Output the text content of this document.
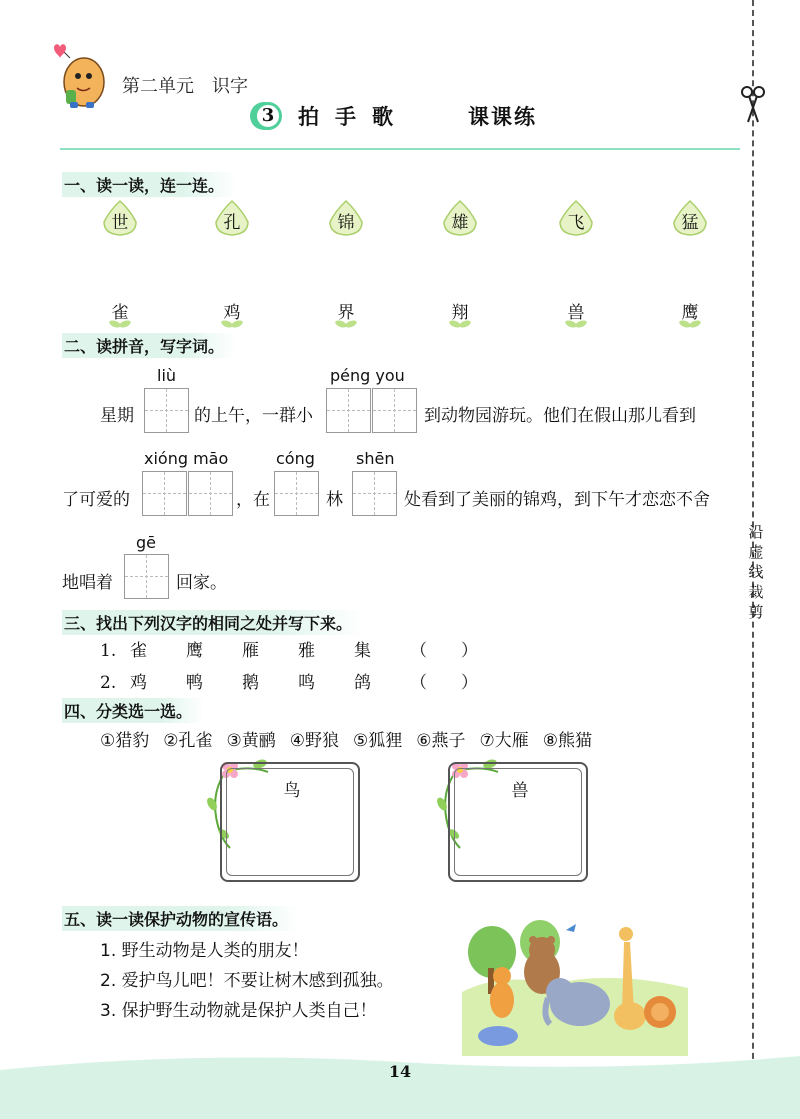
沿
虚
线
裁
剪
第二单元　识字
3	拍手歌	课课练
一、读一读，连一连。
世	孔	锦	雄	飞	猛
雀	鸡	界	翔	兽	鹰
二、读拼音，写字词。
liù	péng you
星期	的上午，一群小	到动物园游玩。他们在假山那儿看到
xióng māo	cóng	shēn
了可爱的	，在	林	处看到了美丽的锦鸡，到下午才恋恋不舍
gē
地唱着	回家。
三、找出下列汉字的相同之处并写下来。
1. 雀 鹰 雁 雅 集 （　　）
2. 鸡 鸭 鹅 鸣 鸽 （　　）
四、分类选一选。
①猎豹 ②孔雀 ③黄鹂 ④野狼 ⑤狐狸 ⑥燕子 ⑦大雁 ⑧熊猫
鸟	兽
五、读一读保护动物的宣传语。
1. 野生动物是人类的朋友！
2. 爱护鸟儿吧！不要让树木感到孤独。
3. 保护野生动物就是保护人类自己！
14
